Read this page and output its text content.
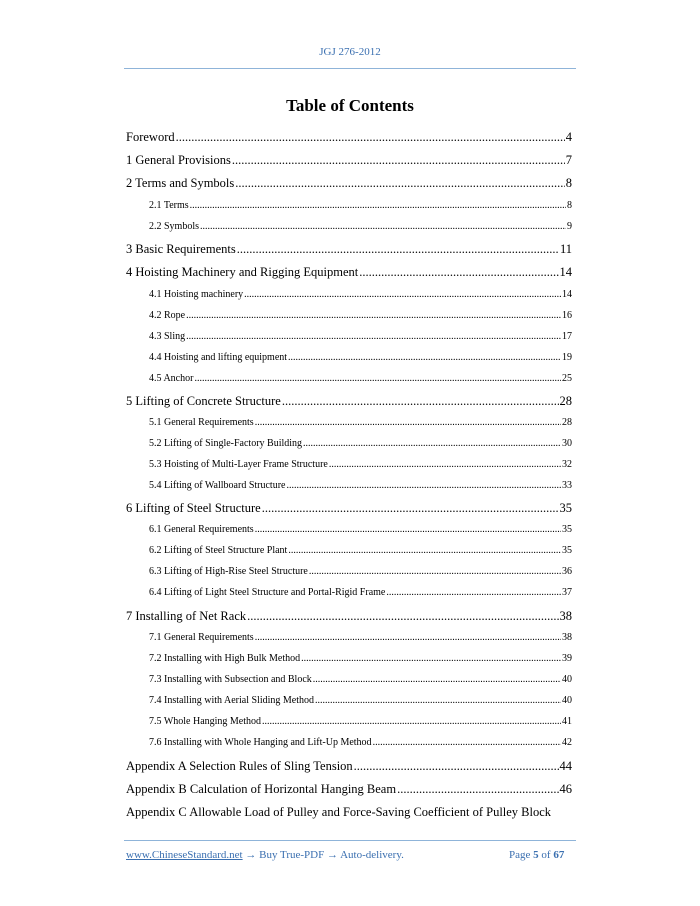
JGJ 276-2012
Table of Contents
Foreword .....	4
1 General Provisions .....	7
2 Terms and Symbols .....	8
2.1 Terms .....	8
2.2 Symbols .....	9
3 Basic Requirements .....	11
4 Hoisting Machinery and Rigging Equipment .....	14
4.1 Hoisting machinery .....	14
4.2 Rope .....	16
4.3 Sling .....	17
4.4 Hoisting and lifting equipment .....	19
4.5 Anchor .....	25
5 Lifting of Concrete Structure .....	28
5.1 General Requirements .....	28
5.2 Lifting of Single-Factory Building .....	30
5.3 Hoisting of Multi-Layer Frame Structure .....	32
5.4 Lifting of Wallboard Structure .....	33
6 Lifting of Steel Structure .....	35
6.1 General Requirements .....	35
6.2 Lifting of Steel Structure Plant .....	35
6.3 Lifting of High-Rise Steel Structure .....	36
6.4 Lifting of Light Steel Structure and Portal-Rigid Frame .....	37
7 Installing of Net Rack .....	38
7.1 General Requirements .....	38
7.2 Installing with High Bulk Method .....	39
7.3 Installing with Subsection and Block .....	40
7.4 Installing with Aerial Sliding Method .....	40
7.5 Whole Hanging Method .....	41
7.6 Installing with Whole Hanging and Lift-Up Method .....	42
Appendix A Selection Rules of Sling Tension .....	44
Appendix B Calculation of Horizontal Hanging Beam .....	46
Appendix C Allowable Load of Pulley and Force-Saving Coefficient of Pulley Block
www.ChineseStandard.net → Buy True-PDF → Auto-delivery.	Page 5 of 67
